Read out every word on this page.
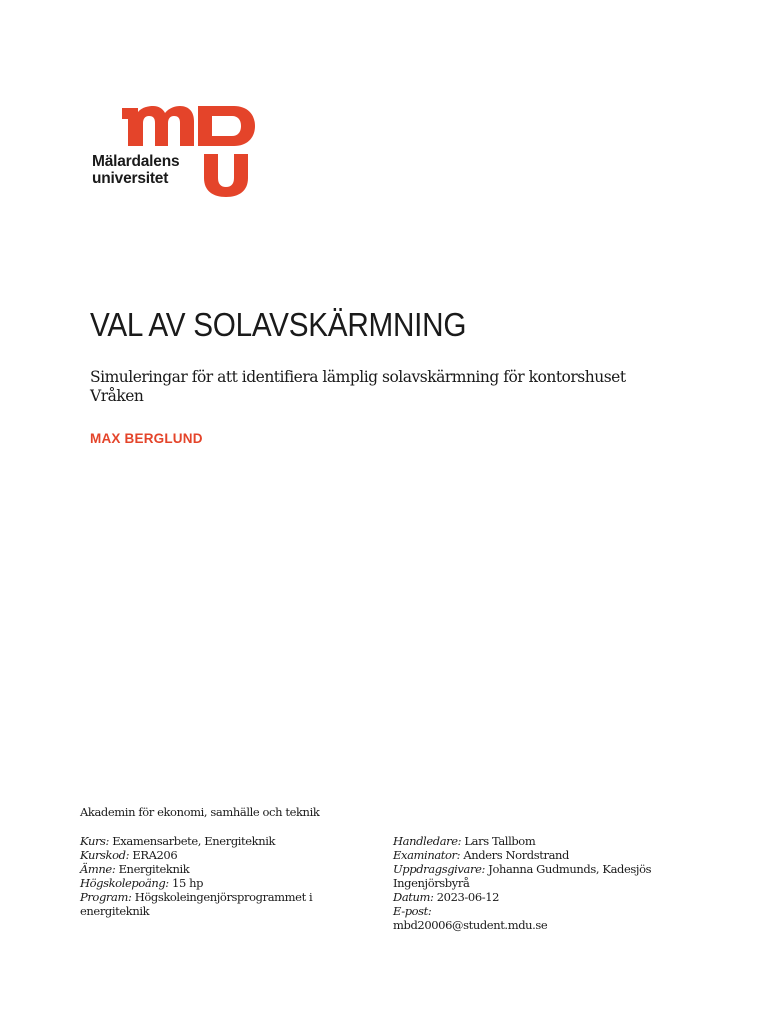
Mälardalens
universitet
VAL AV SOLAVSKÄRMNING

Simuleringar för att identifiera lämplig solavskärmning för kontorshuset Vråken

MAX BERGLUND
Akademin för ekonomi, samhälle och teknik
Kurs: Examensarbete, Energiteknik
Kurskod: ERA206
Ämne: Energiteknik
Högskolepoäng: 15 hp
Program: Högskoleingenjörsprogrammet i energiteknik
Handledare: Lars Tallbom
Examinator: Anders Nordstrand
Uppdragsgivare: Johanna Gudmunds, Kadesjös Ingenjörsbyrå
Datum: 2023-06-12
E-post:
mbd20006@student.mdu.se
